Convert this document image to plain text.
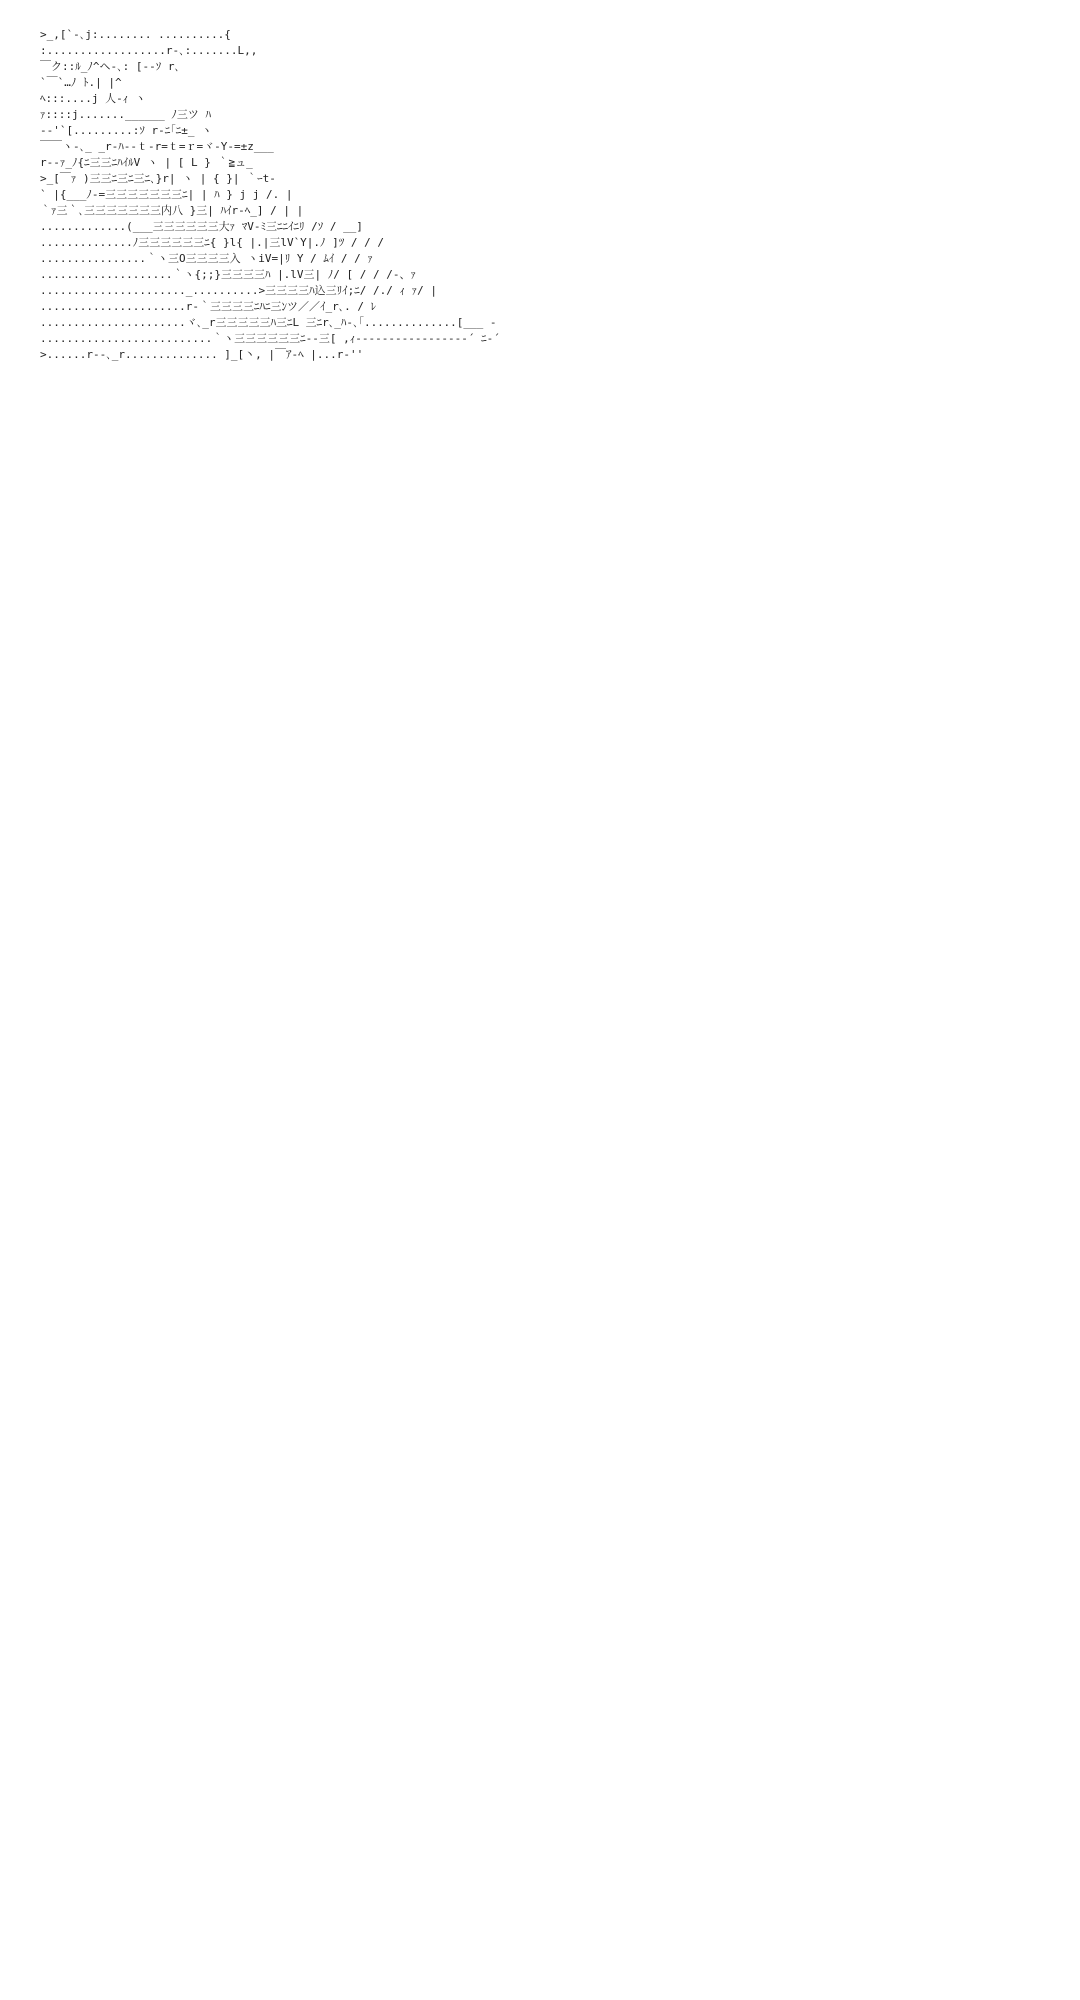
>_,[`-､j:........ ..........{
:..................r-､:.......L,,
￣ク::ﾙ_ﾉ^ヘ-､: [--ｿ r､
`￣`…ﾉ ﾄ.| |^
ﾍ:::....j 人-ｨ ヽ
ｧ::::j.......______ ﾉ三ツ ﾊ
--'`[.........:ｿ r-ﾆ｢ﾆ±_ ヽ
￣￣ヽ-､_ _r-ﾊ--ｔ-r=ｔ=ｒ=ヾ-Y-=±z___
r--ｧ_ﾉ{ﾆ三三ﾆﾊｲﾙV ヽ | [ L } ｀≧ュ_
>_[￣ｧ )三三ﾆ三ﾆ三ﾆ､}r| ヽ | { }| ｀ｰt-
` |{___ﾉ-=三三三三三三三ﾆ| | ﾊ } j j /. |
｀ｧ三｀､三三三三三三三内八 }三| ﾊｲr-ﾍ_] / | |
.............(___三三三三三三大ｧ ﾏV-ﾐ三ﾆﾆｲﾆﾘ /ｿ / __]
..............ﾉ三三三三三三ﾆ{ }l{ |.|三lV`Y|.ﾉ ]ﾂ / / /
................｀ヽ三O三三三三入 ヽiV=|ﾘ Y / ﾑｲ / / ｧ
....................｀ヽ{;;}三三三三ﾊ |.lV三| ﾉ/ [ / / /-、ｧ
......................_..........>三三三三ﾊ込三ﾘｲ;ﾆ/ /./ ｨ ｧ/ |
......................r-｀三三三三ﾆﾊﾆ三ﾝツ／／ｲ_r､. / ﾚ
......................ヾ､_r三三三三三ﾊ三ﾆL 三ﾆr､_ﾊ-､｢..............[___ -
..........................｀ヽ三三三三三三ﾆ--三[ ,ｨ-----------------´ ﾆ-´
>......r--､_r.............. ]_[丶, |￣ｱ-ﾍ |...r-''
